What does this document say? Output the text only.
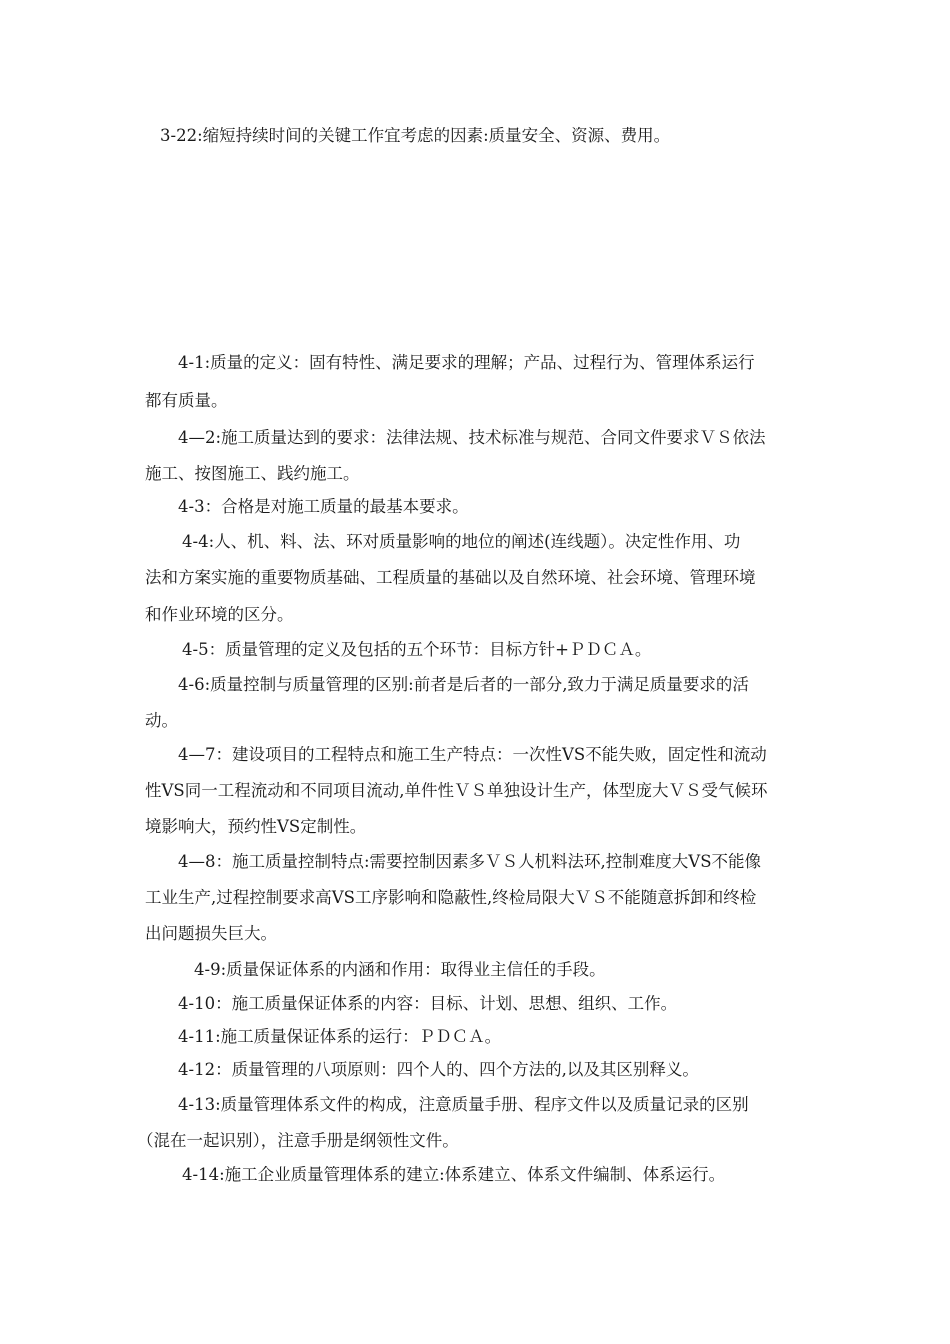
3-22:缩短持续时间的关键工作宜考虑的因素:质量安全、资源、费用。
4-1:质量的定义：固有特性、满足要求的理解；产品、过程行为、管理体系运行
都有质量。
4—2:施工质量达到的要求：法律法规、技术标准与规范、合同文件要求ＶＳ依法
施工、按图施工、践约施工。
4-3：合格是对施工质量的最基本要求。
4-4:人、机、料、法、环对质量影响的地位的阐述(连线题）。决定性作用、功
法和方案实施的重要物质基础、工程质量的基础以及自然环境、社会环境、管理环境
和作业环境的区分。
4-5：质量管理的定义及包括的五个环节：目标方针+ＰＤＣＡ。
4-6:质量控制与质量管理的区别:前者是后者的一部分,致力于满足质量要求的活
动。
4—7：建设项目的工程特点和施工生产特点：一次性VS不能失败，固定性和流动
性VS同一工程流动和不同项目流动,单件性ＶＳ单独设计生产，体型庞大ＶＳ受气候环
境影响大，预约性VS定制性。
4—8：施工质量控制特点:需要控制因素多ＶＳ人机料法环,控制难度大VS不能像
工业生产,过程控制要求高VS工序影响和隐蔽性,终检局限大ＶＳ不能随意拆卸和终检
出问题损失巨大。
4-9:质量保证体系的内涵和作用：取得业主信任的手段。
4-10：施工质量保证体系的内容：目标、计划、思想、组织、工作。
4-11:施工质量保证体系的运行：ＰＤＣＡ。
4-12：质量管理的八项原则：四个人的、四个方法的,以及其区别释义。
4-13:质量管理体系文件的构成，注意质量手册、程序文件以及质量记录的区别
（混在一起识别），注意手册是纲领性文件。
4-14:施工企业质量管理体系的建立:体系建立、体系文件编制、体系运行。
